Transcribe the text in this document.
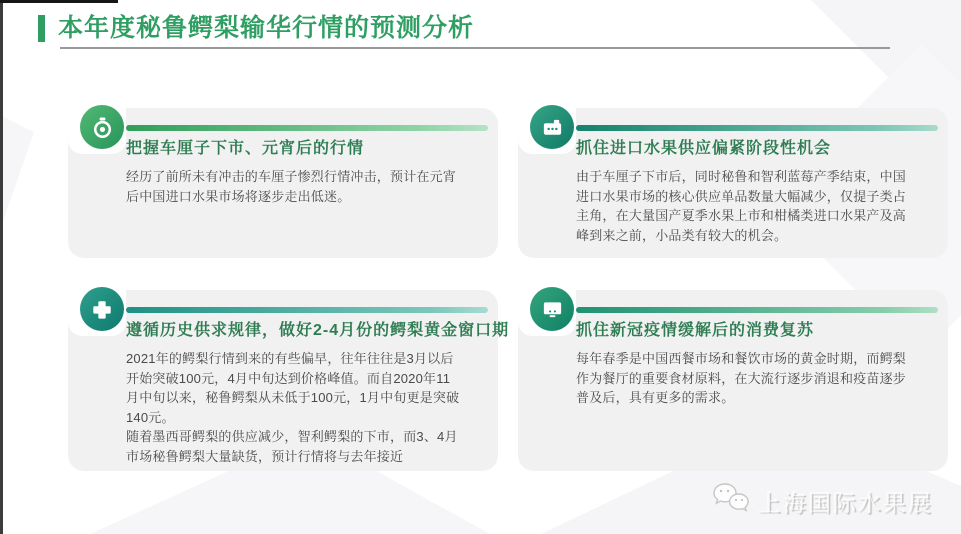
本年度秘鲁鳄梨输华行情的预测分析
把握车厘子下市、元宵后的行情

经历了前所未有冲击的车厘子惨烈行情冲击，预计在元宵后中国进口水果市场将逐步走出低迷。

抓住进口水果供应偏紧阶段性机会

由于车厘子下市后，同时秘鲁和智利蓝莓产季结束，中国进口水果市场的核心供应单品数量大幅减少，仅提子类占主角，在大量国产夏季水果上市和柑橘类进口水果产及高峰到来之前，小品类有较大的机会。

遵循历史供求规律，做好2-4月份的鳄梨黄金窗口期

2021年的鳄梨行情到来的有些偏早，往年往往是3月以后开始突破100元，4月中旬达到价格峰值。而自2020年11月中旬以来，秘鲁鳄梨从未低于100元，1月中旬更是突破140元。

随着墨西哥鳄梨的供应减少，智利鳄梨的下市，而3、4月市场秘鲁鳄梨大量缺货，预计行情将与去年接近

抓住新冠疫情缓解后的消费复苏

每年春季是中国西餐市场和餐饮市场的黄金时期，而鳄梨作为餐厅的重要食材原料，在大流行逐步消退和疫苗逐步普及后，具有更多的需求。

上海国际水果展
